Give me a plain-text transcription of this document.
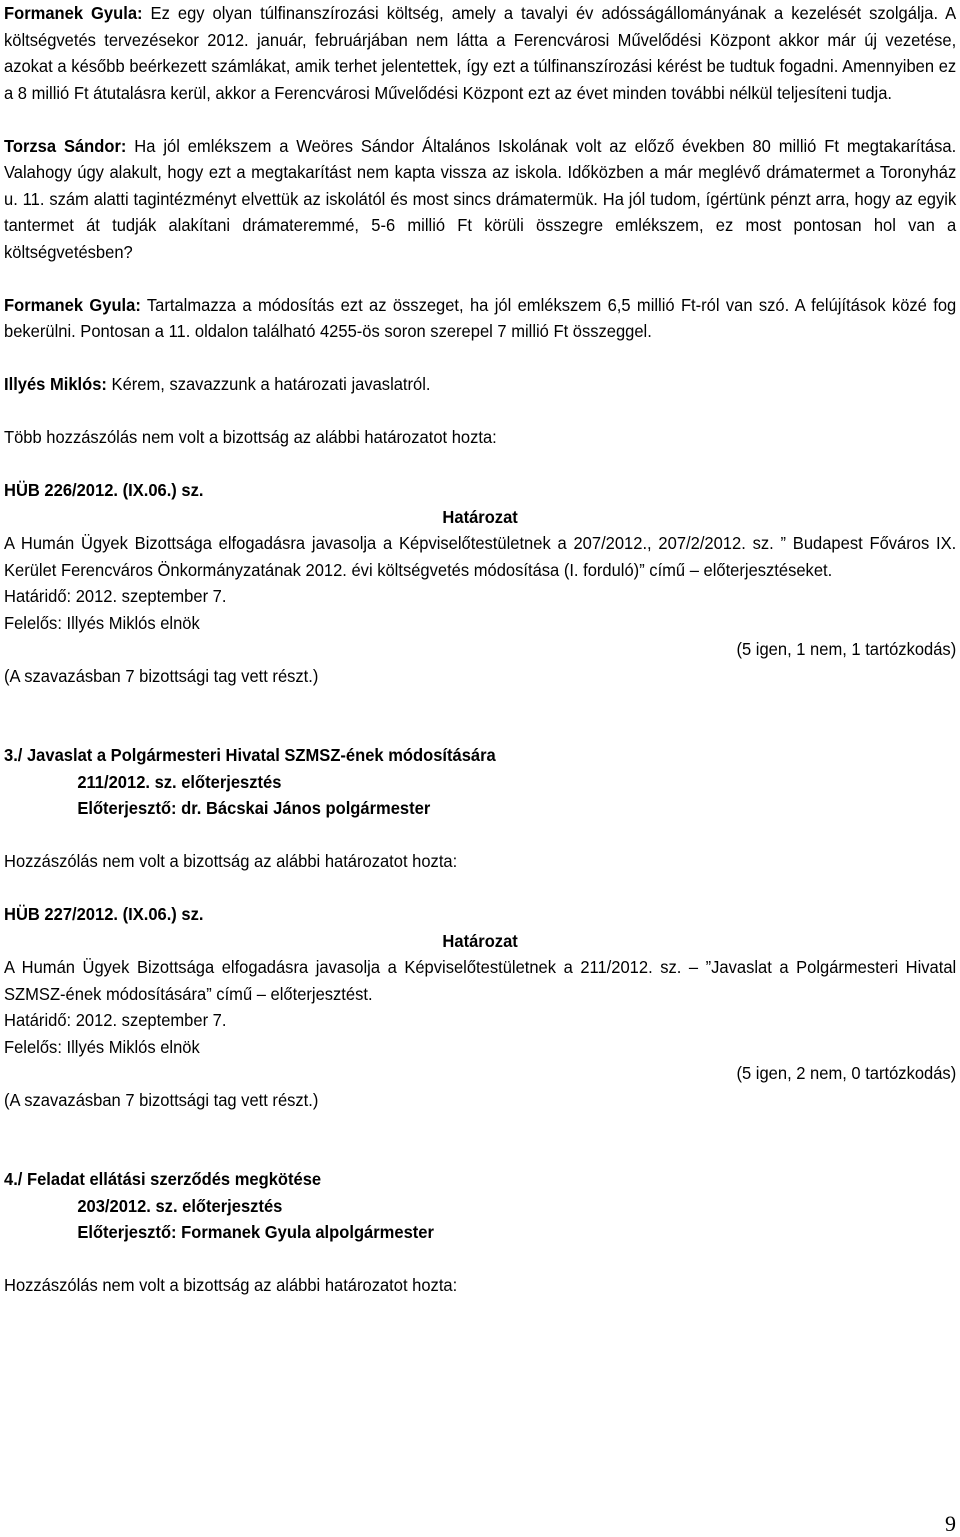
Formanek Gyula: Ez egy olyan túlfinanszírozási költség, amely a tavalyi év adósságállományának a kezelését szolgálja. A költségvetés tervezésekor 2012. január, februárjában nem látta a Ferencvárosi Művelődési Központ akkor már új vezetése, azokat a később beérkezett számlákat, amik terhet jelentettek, így ezt a túlfinanszírozási kérést be tudtuk fogadni. Amennyiben ez a 8 millió Ft átutalásra kerül, akkor a Ferencvárosi Művelődési Központ ezt az évet minden további nélkül teljesíteni tudja.

Torzsa Sándor: Ha jól emlékszem a Weöres Sándor Általános Iskolának volt az előző években 80 millió Ft megtakarítása. Valahogy úgy alakult, hogy ezt a megtakarítást nem kapta vissza az iskola. Időközben a már meglévő drámatermet a Toronyház u. 11. szám alatti tagintézményt elvettük az iskolától és most sincs drámatermük. Ha jól tudom, ígértünk pénzt arra, hogy az egyik tantermet át tudják alakítani drámateremmé, 5-6 millió Ft körüli összegre emlékszem, ez most pontosan hol van a költségvetésben?

Formanek Gyula: Tartalmazza a módosítás ezt az összeget, ha jól emlékszem 6,5 millió Ft-ról van szó. A felújítások közé fog bekerülni. Pontosan a 11. oldalon található 4255-ös soron szerepel 7 millió Ft összeggel.

Illyés Miklós: Kérem, szavazzunk a határozati javaslatról.

Több hozzászólás nem volt a bizottság az alábbi határozatot hozta:

HÜB 226/2012. (IX.06.) sz.

Határozat

A Humán Ügyek Bizottsága elfogadásra javasolja a Képviselőtestületnek a 207/2012., 207/2/2012. sz. ” Budapest Főváros IX. Kerület Ferencváros Önkormányzatának 2012. évi költségvetés módosítása (I. forduló)” című – előterjesztéseket.

Határidő: 2012. szeptember 7.

Felelős: Illyés Miklós elnök

(5 igen, 1 nem, 1 tartózkodás)

(A szavazásban 7 bizottsági tag vett részt.)

3./ Javaslat a Polgármesteri Hivatal SZMSZ-ének módosítására

211/2012. sz. előterjesztés

Előterjesztő: dr. Bácskai János polgármester

Hozzászólás nem volt a bizottság az alábbi határozatot hozta:

HÜB 227/2012. (IX.06.) sz.

Határozat

A Humán Ügyek Bizottsága elfogadásra javasolja a Képviselőtestületnek a 211/2012. sz. – ”Javaslat a Polgármesteri Hivatal SZMSZ-ének módosítására” című – előterjesztést.

Határidő: 2012. szeptember 7.

Felelős: Illyés Miklós elnök

(5 igen, 2 nem, 0 tartózkodás)

(A szavazásban 7 bizottsági tag vett részt.)

4./ Feladat ellátási szerződés megkötése

203/2012. sz. előterjesztés

Előterjesztő: Formanek Gyula alpolgármester

Hozzászólás nem volt a bizottság az alábbi határozatot hozta:

9
